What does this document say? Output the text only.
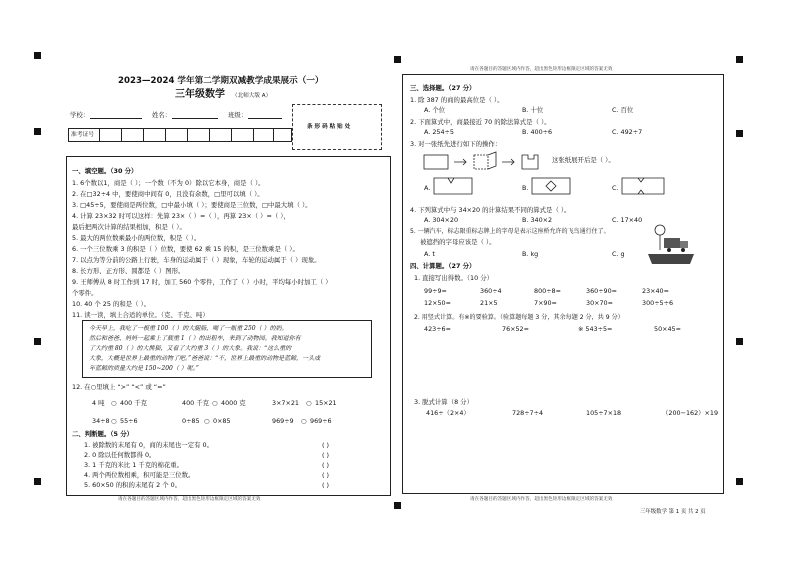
2023—2024 学年第二学期双减教学成果展示（一）
三年级数学 （北师大版 A）
学校：	姓名：	班级：
准考证号
条 形 码 粘 贴 处
请在各题目的答题区域内作答，超出黑色矩形边框限定区域的答案无效
一、填空题。（30 分）
1. 6个数以1，商是（ ）；一个数（不为 0）除以它本身，商是（ ）。
2. 在□32÷4 中，要使商中间有 0，且没有余数，□里可以填（ ）。
3. □45÷5，要使商是两位数，□中最小填（ ）；要使商是三位数，□中最大填（ ）。
4. 计算 23×32 时可以这样：先算 23×（ ）=（ ），再算 23×（ ）=（ ），
最后把两次计算的结果相加，积是（ ）。
5. 最大的两位数乘最小的两位数，积是（ ）。
6. 一个三位数乘 3 的积是（ ）位数，要使 62 乘 15 的积，是三位数乘是（ ）。
7. 以点为等分前的公路上行驶，车身的运动属于（ ）现象，车轮的运动属于（ ）现象。
8. 长方形、正方形、圆都是（ ）图形。
9. 王师傅从 8 时工作到 17 时，加工 560 个零件，工作了（ ）小时，平均每小时加工（ ）
个零件。
10. 40 个 25 的和是（ ）。
11. 读一读，填上合适的单位。（克、千克、吨）
今天早上，我吃了一根重 100（ ）的大腿肠，喝了一瓶重 250（ ）的奶。
然后和爸爸、妈妈一起乘上了载重 1（ ）的出租车，来到了动物园。我知道你有
了大约重 80（ ）的大熊猫，又看了大约重 3（ ）的大象。我说：“这么重的
大象，大概是世界上最重的动物了吧。”爸爸说：“不，世界上最重的动物是蓝鲸，一头成
年蓝鲸的质量大约是 150~200（ ）呢。”
12. 在○里填上 “>” “<” 或 “=”
4 吨 ○ 400 千克	400 千克 ○ 4000 克	3×7×21 ○ 15×21
34÷8 ○ 55÷6	0÷85 ○ 0×85	969÷9 ○ 969÷6
二、判断题。（5 分）
1. 被除数的末尾有 0，商的末尾也一定有 0。	( )
2. 0 除以任何数都得 0。	( )
3. 1 千克的米比 1 千克的棉花重。	( )
4. 两个两位数相乘，积可能是三位数。	( )
5. 60×50 的积的末尾有 2 个 0。	( )
请在各题目的答题区域内作答，超出黑色矩形边框限定区域的答案无效
请在各题目的答题区域内作答，超出黑色矩形边框限定区域的答案无效
三、选择题。（27 分）
1. 除 387 的商的最高位是（ ）。
A. 个位	B. 十位	C. 百位
2. 下面算式中，商最接近 70 的除法算式是（ ）。
A. 254÷5	B. 400÷6	C. 492÷7
3. 对一张纸先进行如下的操作：
这张纸展开后是（ ）。
A.	B.	C.
4. 下列算式中与 34×20 的计算结果不同的算式是（ ）。
A. 304×20	B. 340×2	C. 17×40
5. 一辆汽车，标志限重标志牌上的字母是表示这座桥允许的飞鸟通行住了。
被遮挡的字母应该是（ ）。
A. t	B. kg	C. g
四、计算题。（27 分）
1. 直接写出得数。（10 分）
99÷9=	360÷4	800÷8=	360÷90=	23×40=
12×50=	21×5	7×90=	30×70=	300÷5÷6
2. 用竖式计算。有※的要验算。（验算题每题 3 分，其余每题 2 分，共 9 分）
423÷6=	76×52=	※ 543÷5=	50×45=
3. 脱式计算（8 分）
416÷（2×4）	728÷7÷4	105÷7×18	（200−162）×19
三年级数学 第 1 页 共 2 页
